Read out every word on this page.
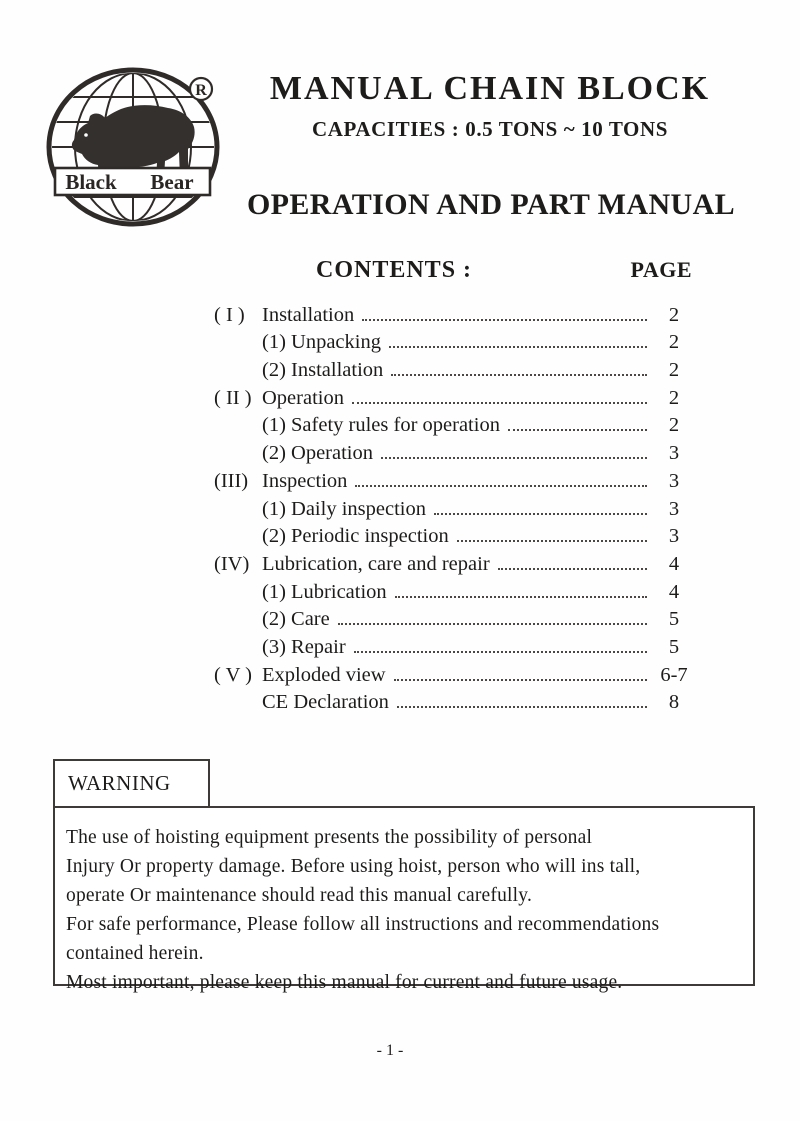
Black Bear
R	MANUAL CHAIN BLOCK
CAPACITIES : 0.5 TONS ~ 10 TONS
OPERATION AND PART MANUAL
CONTENTS :	PAGE
( I ) Installation	2
(1) Unpacking	2
(2) Installation	2
( II ) Operation	2
(1) Safety rules for operation	2
(2) Operation	3
(III) Inspection	3
(1) Daily inspection	3
(2) Periodic inspection	3
(IV) Lubrication, care and repair	4
(1) Lubrication	4
(2) Care	5
(3) Repair	5
( V ) Exploded view	6-7
CE Declaration	8
WARNING
The use of hoisting equipment presents the possibility of personal
Injury Or property damage. Before using hoist, person who will ins tall,
operate Or maintenance should read this manual carefully.
For safe performance, Please follow all instructions and recommendations
contained herein.
Most important, please keep this manual for current and future usage.
- 1 -
